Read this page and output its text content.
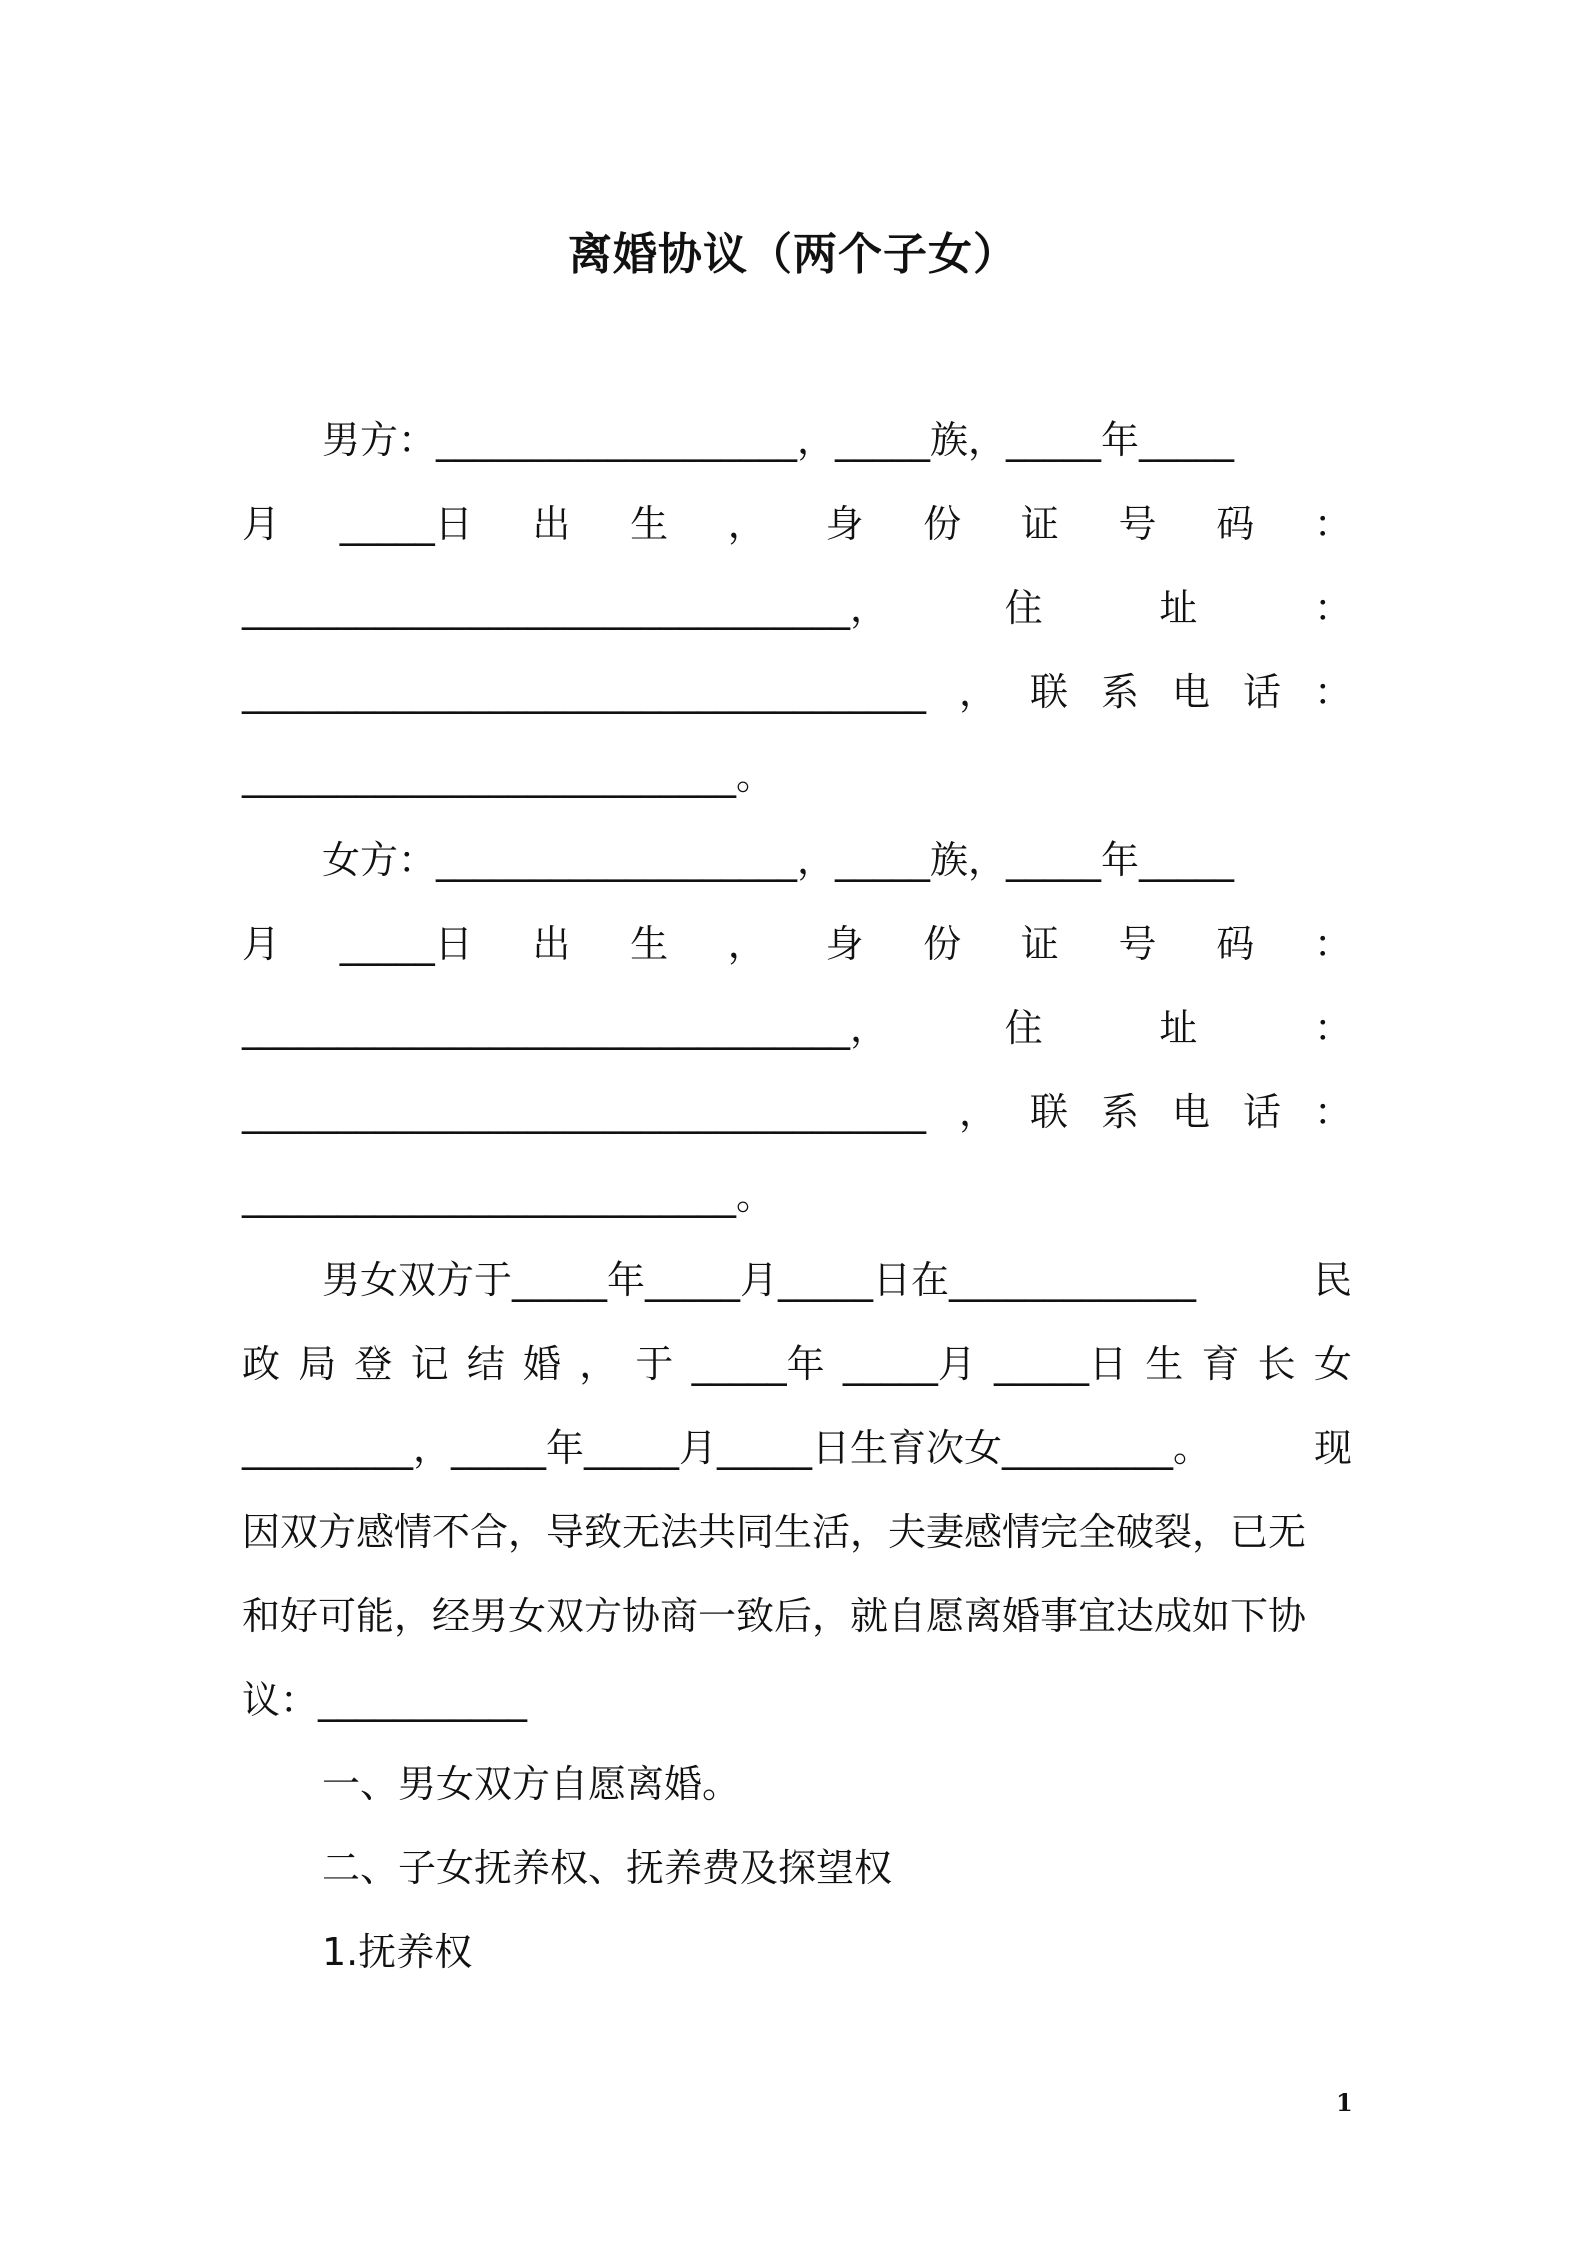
离婚协议（两个子女）
男方：___________________，_____族，_____年_____
月 _____日 出 生 ， 身 份 证 号 码 ：
________________________________，	住	址	：
____________________________________ ， 联 系 电 话 ：
__________________________。
女方：___________________，_____族，_____年_____
月 _____日 出 生 ， 身 份 证 号 码 ：
________________________________，	住	址	：
____________________________________ ， 联 系 电 话 ：
__________________________。
男女双方于_____年_____月_____日在_____________	民
政 局 登 记 结 婚 ， 于 _____年 _____月 _____日 生 育 长 女
_________，_____年_____月_____日生育次女_________。	现
因双方感情不合，导致无法共同生活，夫妻感情完全破裂，已无
和好可能，经男女双方协商一致后，就自愿离婚事宜达成如下协
议：___________
一、男女双方自愿离婚。
二、子女抚养权、抚养费及探望权
1.抚养权
1
